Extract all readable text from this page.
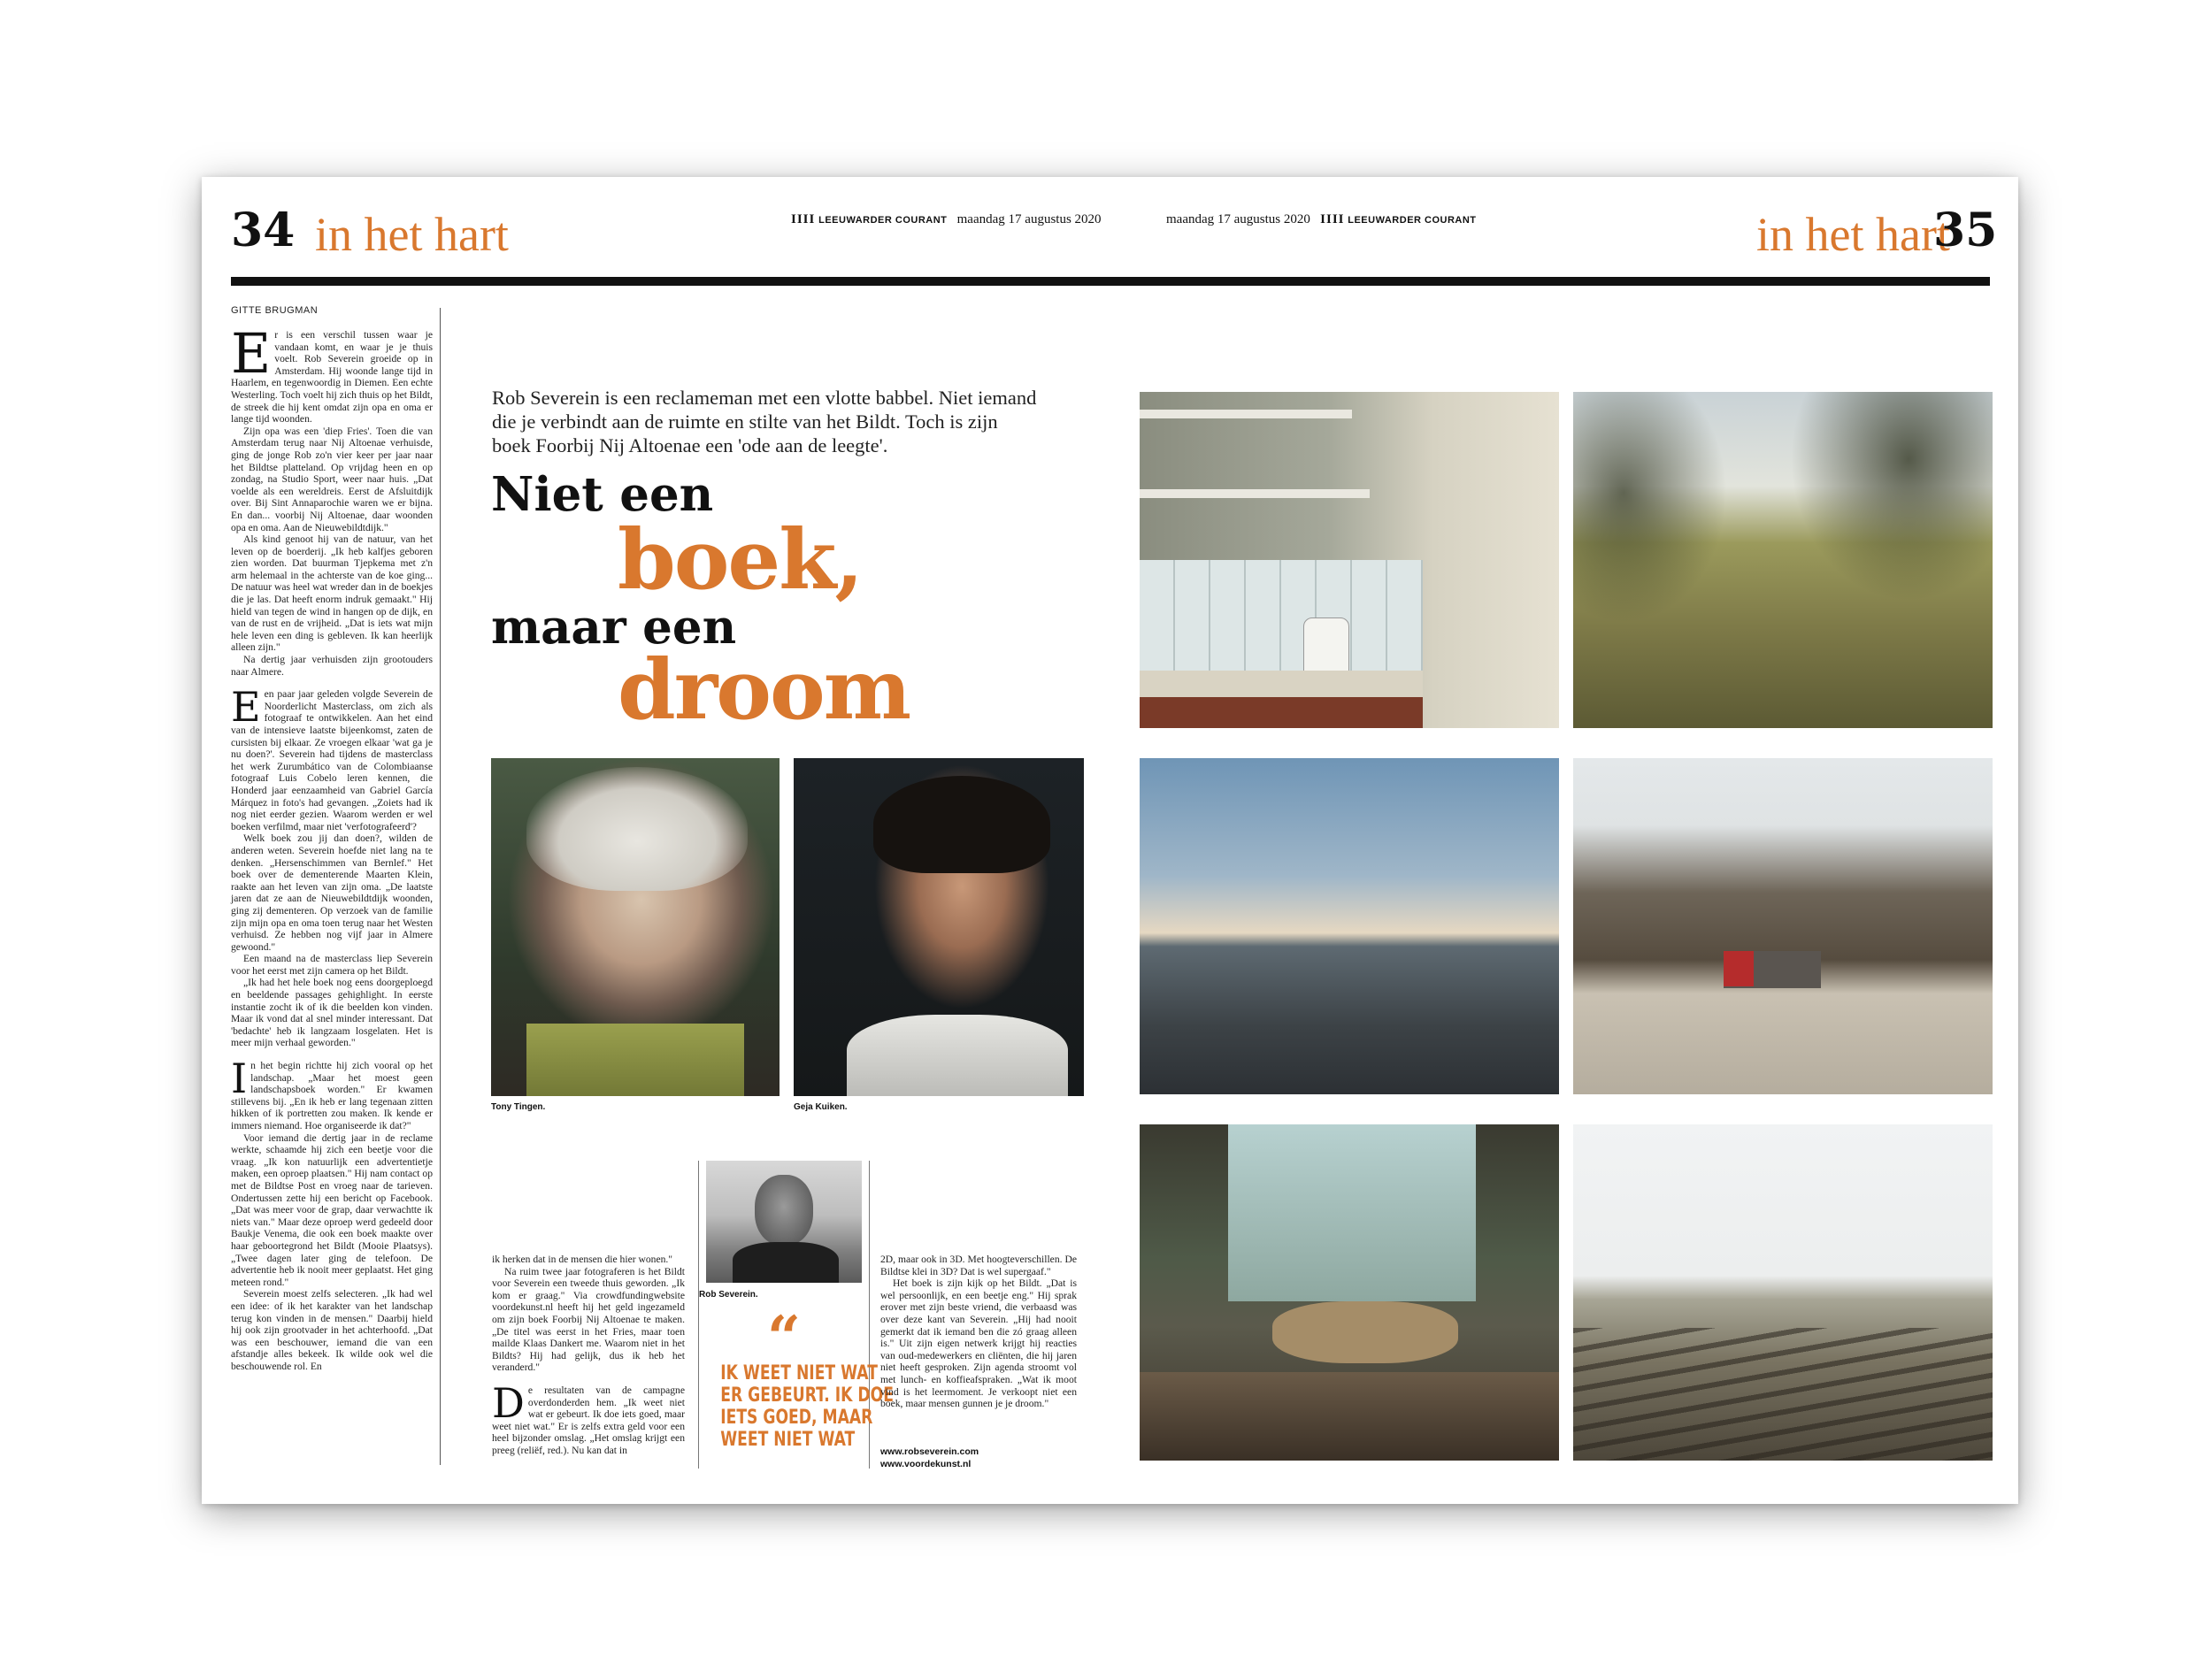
34 in het hart	IIII LEEUWARDER COURANT maandag 17 augustus 2020	maandag 17 augustus 2020 IIII LEEUWARDER COURANT	in het hart
35
GITTE BRUGMAN

Er is een verschil tussen waar je vandaan komt, en waar je je thuis voelt. Rob Severein groeide op in Amsterdam. Hij woonde lange tijd in Haarlem, en tegenwoordig in Diemen. Een echte Westerling. Toch voelt hij zich thuis op het Bildt, de streek die hij kent omdat zijn opa en oma er lange tijd woonden.

Zijn opa was een 'diep Fries'. Toen die van Amsterdam terug naar Nij Altoenae verhuisde, ging de jonge Rob zo'n vier keer per jaar naar het Bildtse platteland. Op vrijdag heen en op zondag, na Studio Sport, weer naar huis. „Dat voelde als een wereldreis. Eerst de Afsluitdijk over. Bij Sint Annaparochie waren we er bijna. En dan... voorbij Nij Altoenae, daar woonden opa en oma. Aan de Nieuwebildtdijk."

Als kind genoot hij van de natuur, van het leven op de boerderij. „Ik heb kalfjes geboren zien worden. Dat buurman Tjepkema met z'n arm helemaal in the achterste van de koe ging... De natuur was heel wat wreder dan in de boekjes die je las. Dat heeft enorm indruk gemaakt." Hij hield van tegen de wind in hangen op de dijk, en van de rust en de vrijheid. „Dat is iets wat mijn hele leven een ding is gebleven. Ik kan heerlijk alleen zijn."

Na dertig jaar verhuisden zijn grootouders naar Almere.

Een paar jaar geleden volgde Severein de Noorderlicht Masterclass, om zich als fotograaf te ontwikkelen. Aan het eind van de intensieve laatste bijeenkomst, zaten de cursisten bij elkaar. Ze vroegen elkaar 'wat ga je nu doen?'. Severein had tijdens de masterclass het werk Zurumbático van de Colombiaanse fotograaf Luis Cobelo leren kennen, die Honderd jaar eenzaamheid van Gabriel García Márquez in foto's had gevangen. „Zoiets had ik nog niet eerder gezien. Waarom werden er wel boeken verfilmd, maar niet 'verfotografeerd'?

Welk boek zou jij dan doen?, wilden de anderen weten. Severein hoefde niet lang na te denken. „Hersenschimmen van Bernlef." Het boek over de dementerende Maarten Klein, raakte aan het leven van zijn oma. „De laatste jaren dat ze aan de Nieuwebildtdijk woonden, ging zij dementeren. Op verzoek van de familie zijn mijn opa en oma toen terug naar het Westen verhuisd. Ze hebben nog vijf jaar in Almere gewoond."

Een maand na de masterclass liep Severein voor het eerst met zijn camera op het Bildt.

„Ik had het hele boek nog eens doorgeploegd en beeldende passages gehighlight. In eerste instantie zocht ik of ik die beelden kon vinden. Maar ik vond dat al snel minder interessant. Dat 'bedachte' heb ik langzaam losgelaten. Het is meer mijn verhaal geworden."

In het begin richtte hij zich vooral op het landschap. „Maar het moest geen landschapsboek worden." Er kwamen stillevens bij. „En ik heb er lang tegenaan zitten hikken of ik portretten zou maken. Ik kende er immers niemand. Hoe organiseerde ik dat?"

Voor iemand die dertig jaar in de reclame werkte, schaamde hij zich een beetje voor die vraag. „Ik kon natuurlijk een advertentietje maken, een oproep plaatsen." Hij nam contact op met de Bildtse Post en vroeg naar de tarieven. Ondertussen zette hij een bericht op Facebook. „Dat was meer voor de grap, daar verwachtte ik niets van." Maar deze oproep werd gedeeld door Baukje Venema, die ook een boek maakte over haar geboortegrond het Bildt (Mooie Plaatsys). „Twee dagen later ging de telefoon. De advertentie heb ik nooit meer geplaatst. Het ging meteen rond."

Severein moest zelfs selecteren. „Ik had wel een idee: of ik het karakter van het landschap terug kon vinden in de mensen." Daarbij hield hij ook zijn grootvader in het achterhoofd. „Dat was een beschouwer, iemand die van een afstandje alles bekeek. Ik wilde ook wel die beschouwende rol. En

Rob Severein is een reclameman met een vlotte babbel. Niet iemand die je verbindt aan de ruimte en stilte van het Bildt. Toch is zijn boek Foorbij Nij Altoenae een 'ode aan de leegte'.
Niet een
boek,
maar een
droom
Tony Tingen.	Geja Kuiken.

ik herken dat in de mensen die hier wonen."

Na ruim twee jaar fotograferen is het Bildt voor Severein een tweede thuis geworden. „Ik kom er graag." Via crowdfundingwebsite voordekunst.nl heeft hij het geld ingezameld om zijn boek Foorbij Nij Altoenae te maken. „De titel was eerst in het Fries, maar toen mailde Klaas Dankert me. Waarom niet in het Bildts? Hij had gelijk, dus ik heb het veranderd."

De resultaten van de campagne overdonderden hem. „Ik weet niet wat er gebeurt. Ik doe iets goed, maar weet niet wat." Er is zelfs extra geld voor een heel bijzonder omslag. „Het omslag krijgt een preeg (reliëf, red.). Nu kan dat in

Rob Severein.
“
IK WEET NIET WAT
ER GEBEURT. IK DOE
IETS GOED, MAAR
WEET NIET WAT

2D, maar ook in 3D. Met hoogteverschillen. De Bildtse klei in 3D? Dat is wel supergaaf."

Het boek is zijn kijk op het Bildt. „Dat is wel persoonlijk, en een beetje eng." Hij sprak erover met zijn beste vriend, die verbaasd was over deze kant van Severein. „Hij had nooit gemerkt dat ik iemand ben die zó graag alleen is." Uit zijn eigen netwerk krijgt hij reacties van oud-medewerkers en cliënten, die hij jaren niet heeft gesproken. Zijn agenda stroomt vol met lunch- en koffieafspraken. „Wat ik moot vind is het leermoment. Je verkoopt niet een boek, maar mensen gunnen je je droom."

www.robseverein.com
www.voordekunst.nl
